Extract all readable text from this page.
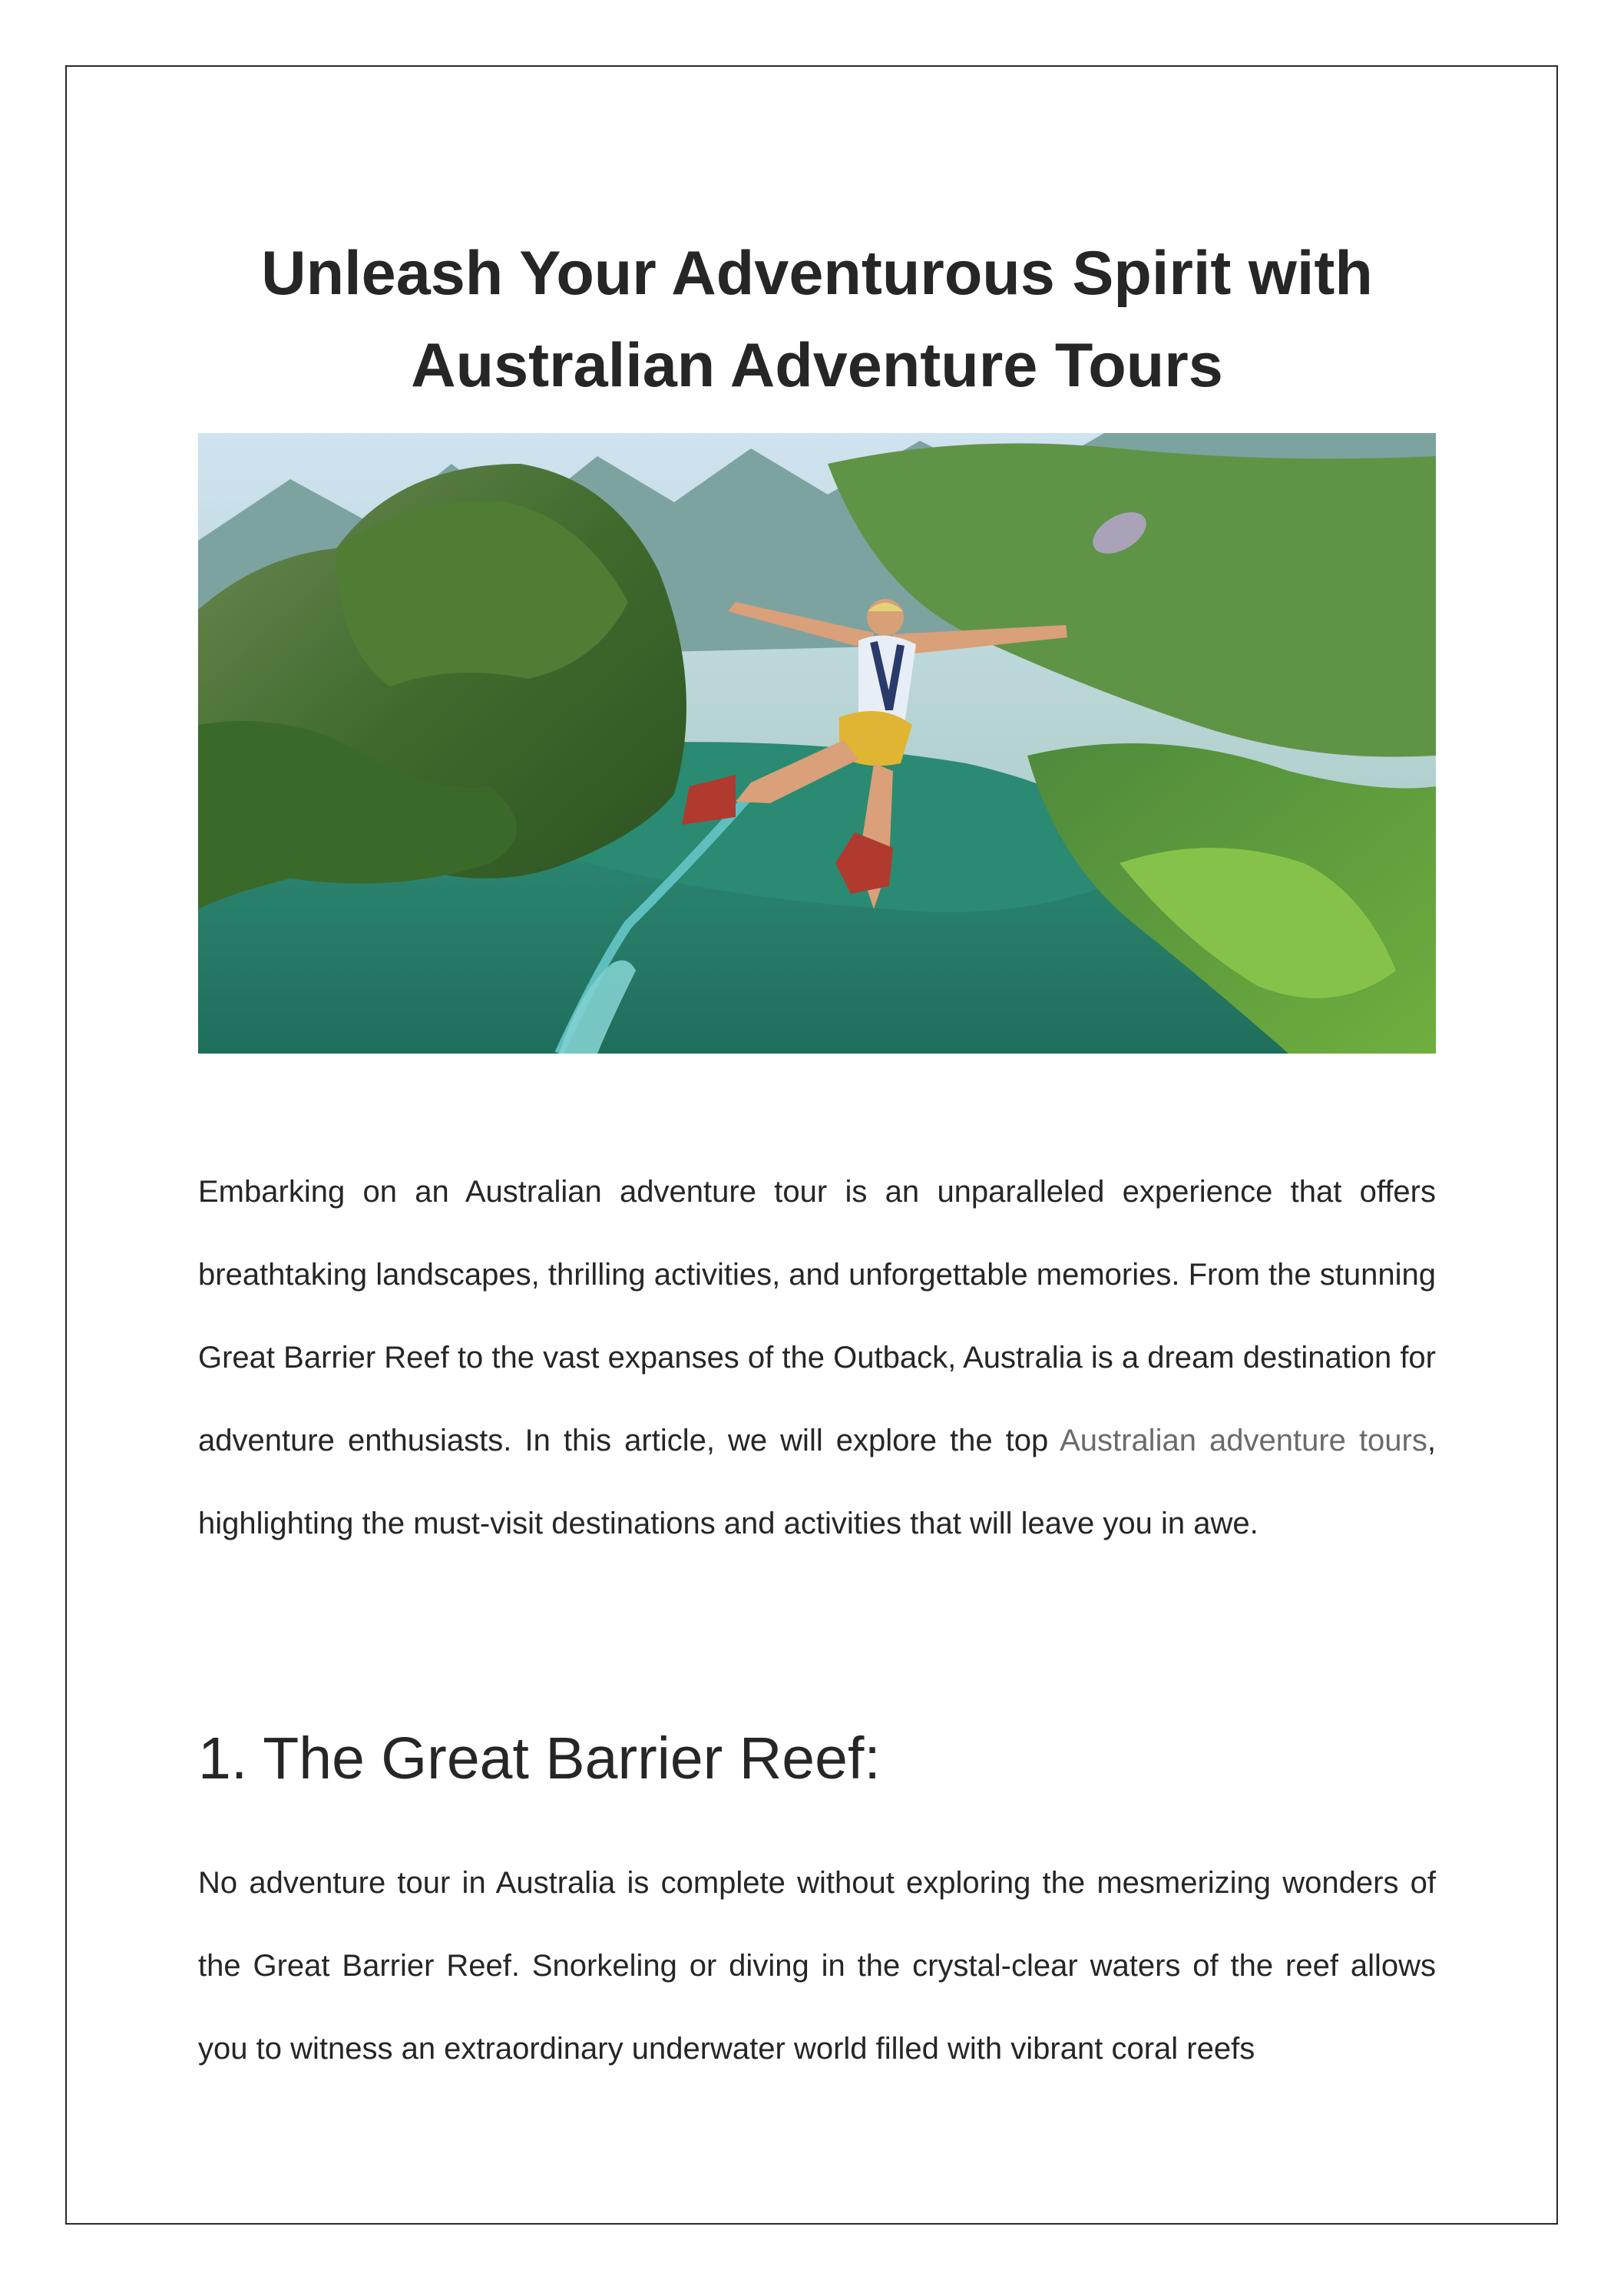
Unleash Your Adventurous Spirit with Australian Adventure Tours

Embarking on an Australian adventure tour is an unparalleled experience that offers breathtaking landscapes, thrilling activities, and unforgettable memories. From the stunning Great Barrier Reef to the vast expanses of the Outback, Australia is a dream destination for adventure enthusiasts. In this article, we will explore the top Australian adventure tours, highlighting the must-visit destinations and activities that will leave you in awe.

1. The Great Barrier Reef:

No adventure tour in Australia is complete without exploring the mesmerizing wonders of the Great Barrier Reef. Snorkeling or diving in the crystal-clear waters of the reef allows you to witness an extraordinary underwater world filled with vibrant coral reefs
